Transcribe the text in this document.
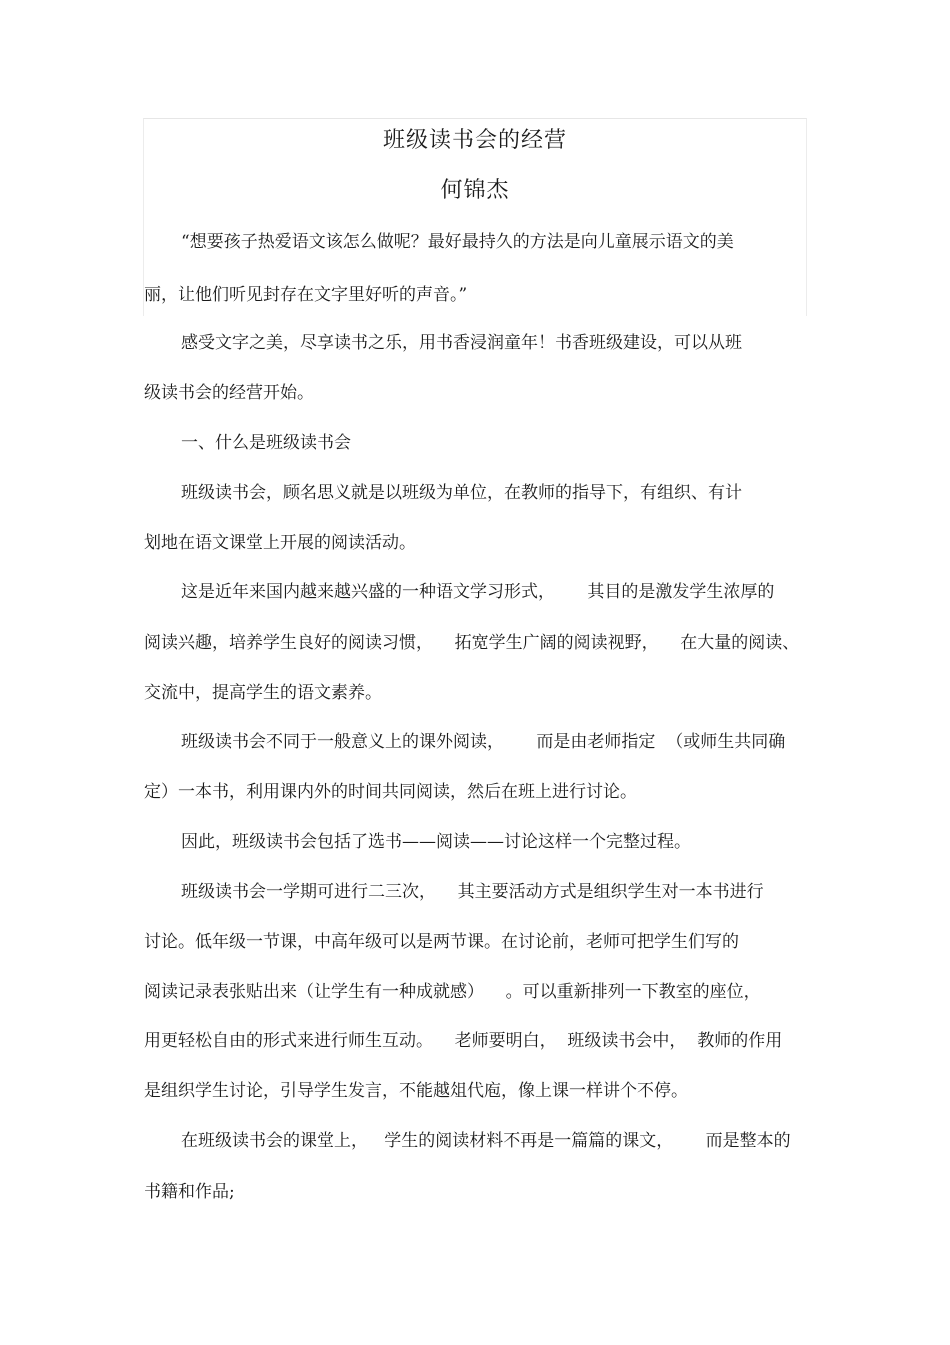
班级读书会的经营
何锦杰
“想要孩子热爱语文该怎么做呢？最好最持久的方法是向儿童展示语文的美
丽，让他们听见封存在文字里好听的声音。”
感受文字之美，尽享读书之乐，用书香浸润童年！书香班级建设，可以从班
级读书会的经营开始。
一、什么是班级读书会
班级读书会，顾名思义就是以班级为单位，在教师的指导下，有组织、有计
划地在语文课堂上开展的阅读活动。
这是近年来国内越来越兴盛的一种语文学习形式，      其目的是激发学生浓厚的
阅读兴趣，培养学生良好的阅读习惯，    拓宽学生广阔的阅读视野，    在大量的阅读、
交流中，提高学生的语文素养。
班级读书会不同于一般意义上的课外阅读，      而是由老师指定  （或师生共同确
定）一本书，利用课内外的时间共同阅读，然后在班上进行讨论。
因此，班级读书会包括了选书——阅读——讨论这样一个完整过程。
班级读书会一学期可进行二三次，    其主要活动方式是组织学生对一本书进行
讨论。低年级一节课，中高年级可以是两节课。在讨论前，老师可把学生们写的
阅读记录表张贴出来（让学生有一种成就感）    。可以重新排列一下教室的座位，
用更轻松自由的形式来进行师生互动。    老师要明白，  班级读书会中，  教师的作用
是组织学生讨论，引导学生发言，不能越俎代庖，像上课一样讲个不停。
在班级读书会的课堂上，   学生的阅读材料不再是一篇篇的课文，      而是整本的
书籍和作品;
